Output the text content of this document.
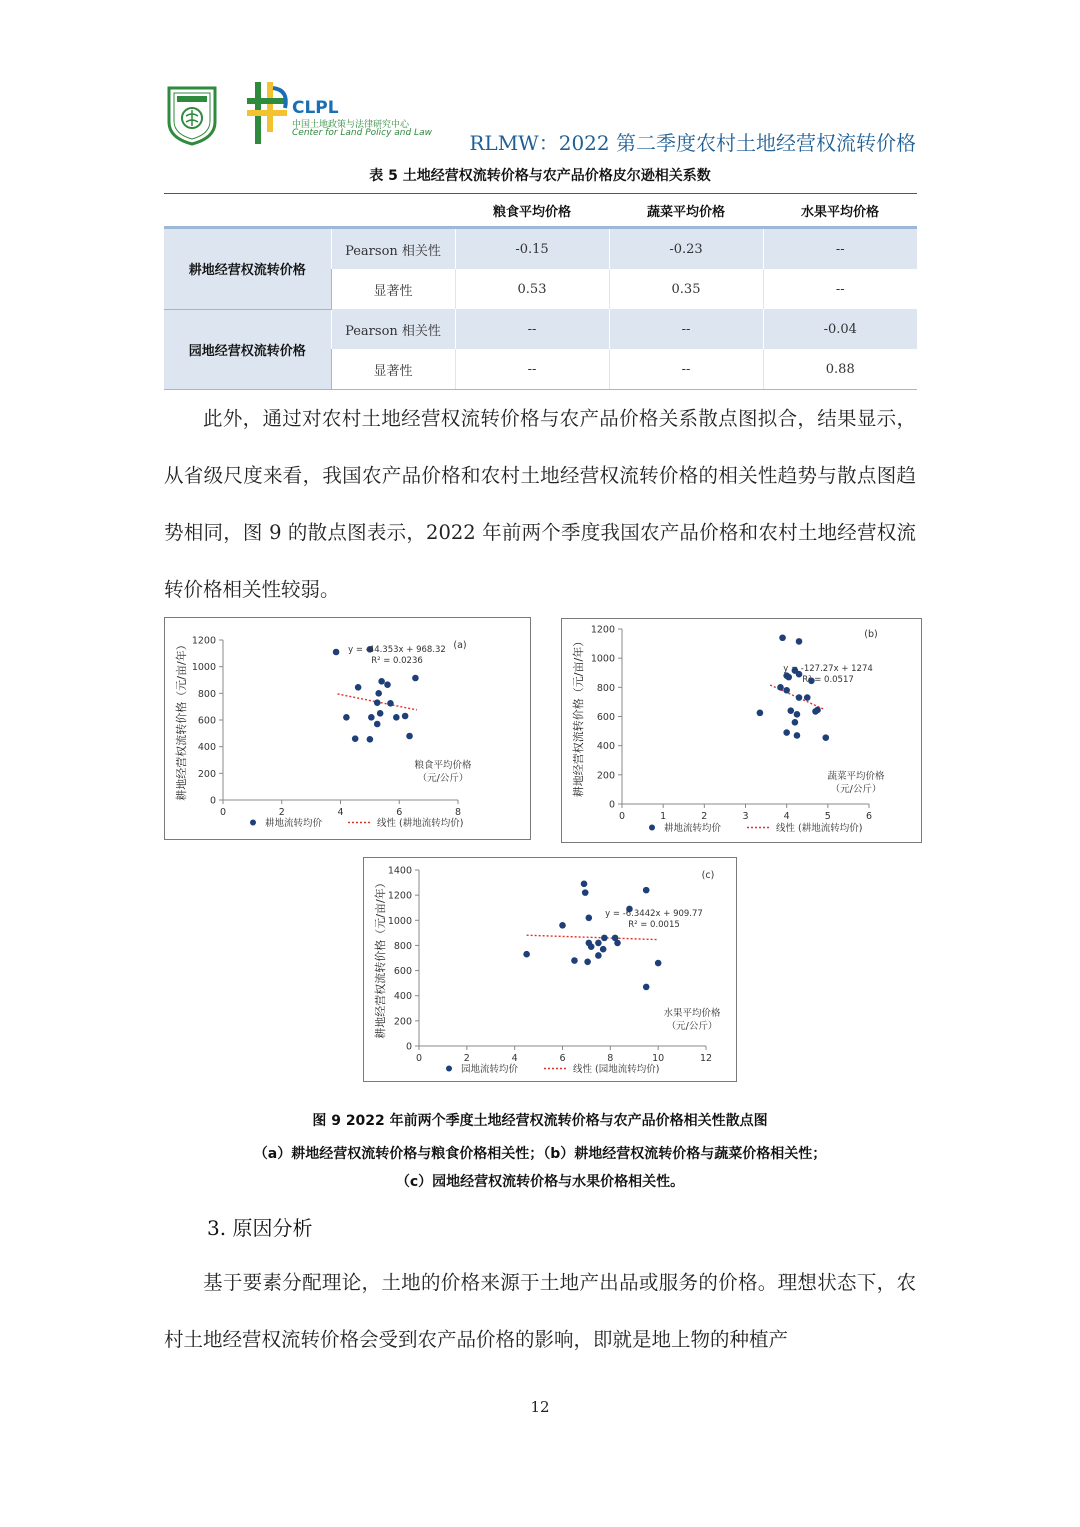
CLPL
中国土地政策与法律研究中心
Center for Land Policy and Law RLMW：2022 第二季度农村土地经营权流转价格
表 5 土地经营权流转价格与农产品价格皮尔逊相关系数
		粮食平均价格	蔬菜平均价格	水果平均价格
耕地经营权流转价格	Pearson 相关性	-0.15	-0.23	--
	显著性	0.53	0.35	--
园地经营权流转价格	Pearson 相关性	--	--	-0.04
	显著性	--	--	0.88
此外，通过对农村土地经营权流转价格与农产品价格关系散点图拟合，结果显示，从省级尺度来看，我国农产品价格和农村土地经营权流转价格的相关性趋势与散点图趋势相同，图 9 的散点图表示，2022 年前两个季度我国农产品价格和农村土地经营权流转价格相关性较弱。
0
200
400
600
800
1000
1200
0	2	4	6	8
耕地经营权流转价格（元/亩/年）	(a)
y = -44.353x + 968.32
R² = 0.0236
粮食平均价格
（元/公斤）
耕地流转均价	线性 (耕地流转均价)
0
200
400
600
800
1000
1200
0	1	2	3	4	5	6
耕地经营权流转价格（元/亩/年）
(b)
y = -127.27x + 1274
R² = 0.0517
蔬菜平均价格
（元/公斤）
耕地流转均价	线性 (耕地流转均价)
0
200
400
600
800
1000
1200
1400
0	2	4	6	8	10	12
耕地经营权流转价格（元/亩/年）
(c)
y = -6.3442x + 909.77
R² = 0.0015
水果平均价格
（元/公斤）
园地流转均价	线性 (园地流转均价)
图 9 2022 年前两个季度土地经营权流转价格与农产品价格相关性散点图
（a）耕地经营权流转价格与粮食价格相关性；（b）耕地经营权流转价格与蔬菜价格相关性；
（c）园地经营权流转价格与水果价格相关性。
3. 原因分析
基于要素分配理论，土地的价格来源于土地产出品或服务的价格。理想状态下，农村土地经营权流转价格会受到农产品价格的影响，即就是地上物的种植产
12
